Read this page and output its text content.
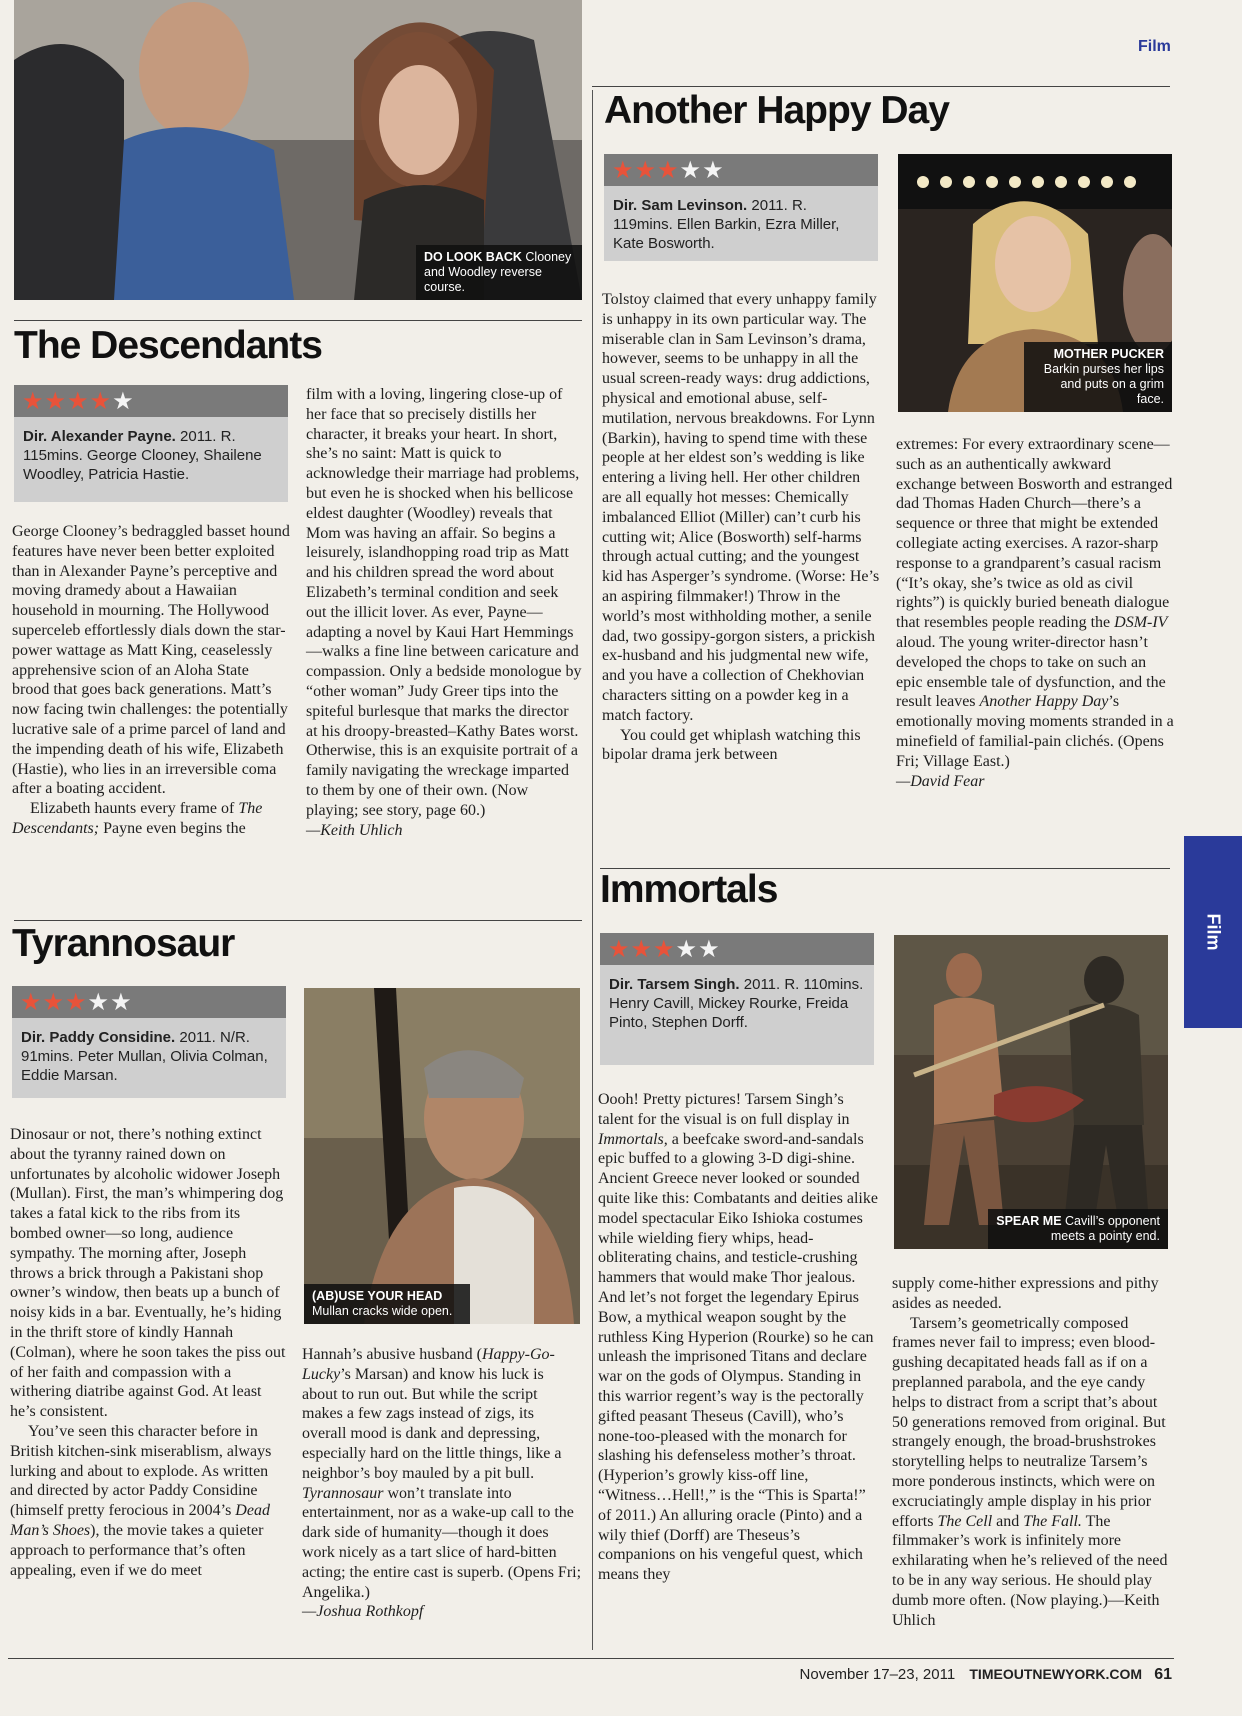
Film
DO LOOK BACK Clooney and Woodley reverse course.
The Descendants
★ ★ ★ ★ ★
Dir. Alexander Payne. 2011. R. 115mins. George Clooney, Shailene Woodley, Patricia Hastie.

George Clooney’s bedraggled basset hound features have never been better exploited than in Alexander Payne’s perceptive and moving dramedy about a Hawaiian household in mourning. The Hollywood superceleb effortlessly dials down the star-power wattage as Matt King, ceaselessly apprehensive scion of an Aloha State brood that goes back generations. Matt’s now facing twin challenges: the potentially lucrative sale of a prime parcel of land and the impending death of his wife, Elizabeth (Hastie), who lies in an irreversible coma after a boating accident.

Elizabeth haunts every frame of The Descendants; Payne even begins the

film with a loving, lingering close-up of her face that so precisely distills her character, it breaks your heart. In short, she’s no saint: Matt is quick to acknowledge their marriage had problems, but even he is shocked when his bellicose eldest daughter (Woodley) reveals that Mom was having an affair. So begins a leisurely, islandhopping road trip as Matt and his children spread the word about Elizabeth’s terminal condition and seek out the illicit lover. As ever, Payne—adapting a novel by Kaui Hart Hemmings—walks a fine line between caricature and compassion. Only a bedside monologue by “other woman” Judy Greer tips into the spiteful burlesque that marks the director at his droopy-breasted–Kathy Bates worst. Otherwise, this is an exquisite portrait of a family navigating the wreckage imparted to them by one of their own. (Now playing; see story, page 60.)

—Keith Uhlich

Another Happy Day
★ ★ ★ ★ ★
Dir. Sam Levinson. 2011. R. 119mins. Ellen Barkin, Ezra Miller, Kate Bosworth.
MOTHER PUCKER
Barkin purses her lips and puts on a grim face.

Tolstoy claimed that every unhappy family is unhappy in its own particular way. The miserable clan in Sam Levinson’s drama, however, seems to be unhappy in all the usual screen-ready ways: drug addictions, physical and emotional abuse, self-mutilation, nervous breakdowns. For Lynn (Barkin), having to spend time with these people at her eldest son’s wedding is like entering a living hell. Her other children are all equally hot messes: Chemically imbalanced Elliot (Miller) can’t curb his cutting wit; Alice (Bosworth) self-harms through actual cutting; and the youngest kid has Asperger’s syndrome. (Worse: He’s an aspiring filmmaker!) Throw in the world’s most withholding mother, a senile dad, two gossipy-gorgon sisters, a prickish ex-husband and his judgmental new wife, and you have a collection of Chekhovian characters sitting on a powder keg in a match factory.

You could get whiplash watching this bipolar drama jerk between

extremes: For every extraordinary scene—such as an authentically awkward exchange between Bosworth and estranged dad Thomas Haden Church—there’s a sequence or three that might be extended collegiate acting exercises. A razor-sharp response to a grandparent’s casual racism (“It’s okay, she’s twice as old as civil rights”) is quickly buried beneath dialogue that resembles people reading the DSM-IV aloud. The young writer-director hasn’t developed the chops to take on such an epic ensemble tale of dysfunction, and the result leaves Another Happy Day’s emotionally moving moments stranded in a minefield of familial-pain clichés. (Opens Fri; Village East.)

—David Fear

Film
Tyrannosaur
★ ★ ★ ★ ★
Dir. Paddy Considine. 2011. N/R. 91mins. Peter Mullan, Olivia Colman, Eddie Marsan.
(AB)USE YOUR HEAD
Mullan cracks wide open.

Dinosaur or not, there’s nothing extinct about the tyranny rained down on unfortunates by alcoholic widower Joseph (Mullan). First, the man’s whimpering dog takes a fatal kick to the ribs from its bombed owner—so long, audience sympathy. The morning after, Joseph throws a brick through a Pakistani shop owner’s window, then beats up a bunch of noisy kids in a bar. Eventually, he’s hiding in the thrift store of kindly Hannah (Colman), where he soon takes the piss out of her faith and compassion with a withering diatribe against God. At least he’s consistent.

You’ve seen this character before in British kitchen-sink miserablism, always lurking and about to explode. As written and directed by actor Paddy Considine (himself pretty ferocious in 2004’s Dead Man’s Shoes), the movie takes a quieter approach to performance that’s often appealing, even if we do meet

Hannah’s abusive husband (Happy-Go-Lucky’s Marsan) and know his luck is about to run out. But while the script makes a few zags instead of zigs, its overall mood is dank and depressing, especially hard on the little things, like a neighbor’s boy mauled by a pit bull. Tyrannosaur won’t translate into entertainment, nor as a wake-up call to the dark side of humanity—though it does work nicely as a tart slice of hard-bitten acting; the entire cast is superb. (Opens Fri; Angelika.)

—Joshua Rothkopf

Immortals
★ ★ ★ ★ ★
Dir. Tarsem Singh. 2011. R. 110mins. Henry Cavill, Mickey Rourke, Freida Pinto, Stephen Dorff.
SPEAR ME Cavill’s opponent meets a pointy end.

Oooh! Pretty pictures! Tarsem Singh’s talent for the visual is on full display in Immortals, a beefcake sword-and-sandals epic buffed to a glowing 3-D digi-shine. Ancient Greece never looked or sounded quite like this: Combatants and deities alike model spectacular Eiko Ishioka costumes while wielding fiery whips, head-obliterating chains, and testicle-crushing hammers that would make Thor jealous. And let’s not forget the legendary Epirus Bow, a mythical weapon sought by the ruthless King Hyperion (Rourke) so he can unleash the imprisoned Titans and declare war on the gods of Olympus. Standing in this warrior regent’s way is the pectorally gifted peasant Theseus (Cavill), who’s none-too-pleased with the monarch for slashing his defenseless mother’s throat. (Hyperion’s growly kiss-off line, “Witness…Hell!,” is the “This is Sparta!” of 2011.) An alluring oracle (Pinto) and a wily thief (Dorff) are Theseus’s companions on his vengeful quest, which means they

supply come-hither expressions and pithy asides as needed.

Tarsem’s geometrically composed frames never fail to impress; even blood-gushing decapitated heads fall as if on a preplanned parabola, and the eye candy helps to distract from a script that’s about 50 generations removed from original. But strangely enough, the broad-brushstrokes storytelling helps to neutralize Tarsem’s more ponderous instincts, which were on excruciatingly ample display in his prior efforts The Cell and The Fall. The filmmaker’s work is infinitely more exhilarating when he’s relieved of the need to be in any way serious. He should play dumb more often. (Now playing.)—Keith Uhlich

November 17–23, 2011 TIMEOUTNEWYORK.COM 61
